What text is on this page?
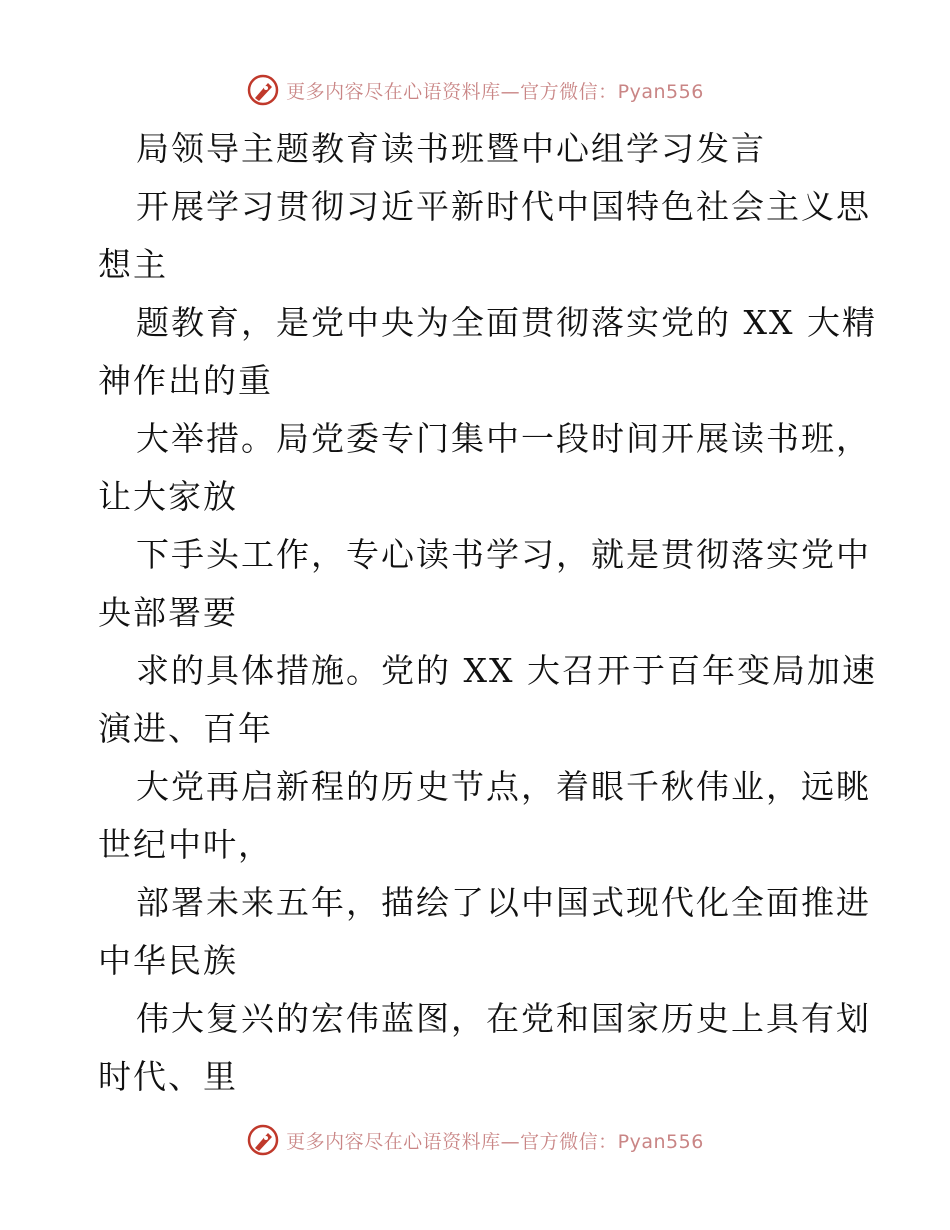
更多内容尽在心语资料库—官方微信：Pyan556
局领导主题教育读书班暨中心组学习发言
开展学习贯彻习近平新时代中国特色社会主义思
想主
题教育，是党中央为全面贯彻落实党的 XX 大精
神作出的重
大举措。局党委专门集中一段时间开展读书班，
让大家放
下手头工作，专心读书学习，就是贯彻落实党中
央部署要
求的具体措施。党的 XX 大召开于百年变局加速
演进、百年
大党再启新程的历史节点，着眼千秋伟业，远眺
世纪中叶，
部署未来五年，描绘了以中国式现代化全面推进
中华民族
伟大复兴的宏伟蓝图，在党和国家历史上具有划
时代、里
更多内容尽在心语资料库—官方微信：Pyan556
